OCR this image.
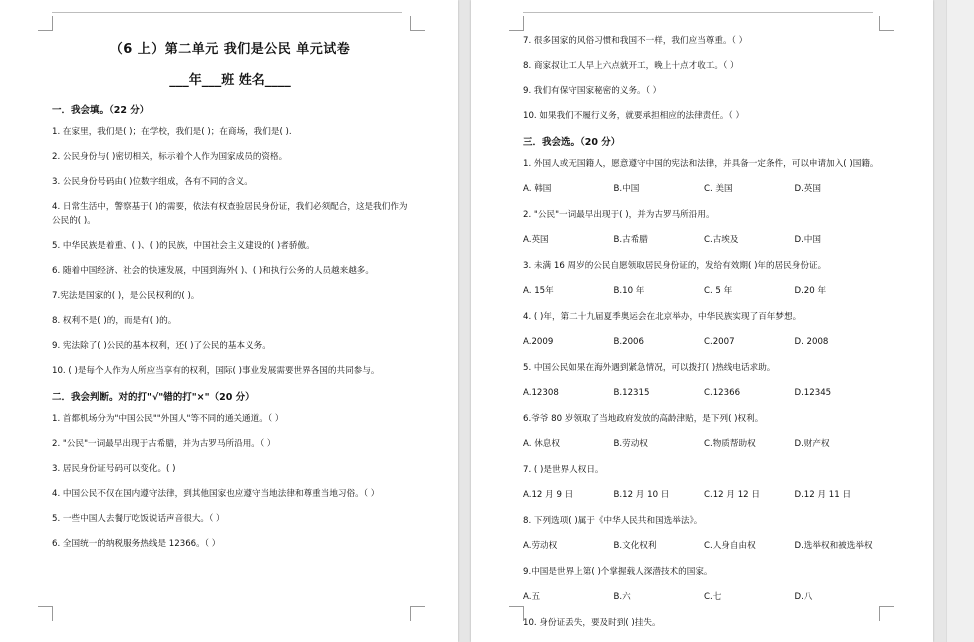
（6 上）第二单元 我们是公民 单元试卷
___年___班 姓名____
一．我会填。（22 分）
1. 在家里，我们是( )；在学校，我们是( )；在商场，我们是( ).
2. 公民身份与( )密切相关，标示着个人作为国家成员的资格。
3. 公民身份号码由( )位数字组成，各有不同的含义。
4. 日常生活中，警察基于( )的需要，依法有权查验居民身份证，我们必须配合，这是我们作为公民的( )。
5. 中华民族是着重、( )、( )的民族，中国社会主义建设的( )者骄傲。
6. 随着中国经济、社会的快速发展，中国到海外( )、( )和执行公务的人员越来越多。
7.宪法是国家的( )，是公民权利的( )。
8. 权利不是( )的，而是有( )的。
9. 宪法除了( )公民的基本权利，还( )了公民的基本义务。
10. ( )是每个人作为人所应当享有的权利，国际( )事业发展需要世界各国的共同参与。
二．我会判断。对的打"√"错的打"×"（20 分）
1. 首都机场分为"中国公民""外国人"等不同的通关通道。（ ）
2. "公民"一词最早出现于古希腊，并为古罗马所沿用。（ ）
3. 居民身份证号码可以变化。( )
4. 中国公民不仅在国内遵守法律，到其他国家也应遵守当地法律和尊重当地习俗。（ ）
5. 一些中国人去餐厅吃饭说话声音很大。（ ）
6. 全国统一的纳税服务热线是 12366。（ ）
7. 很多国家的风俗习惯和我国不一样，我们应当尊重。（ ）
8. 商家叔让工人早上六点就开工，晚上十点才收工。（ ）
9. 我们有保守国家秘密的义务。（ ）
10. 如果我们不履行义务，就要承担相应的法律责任。（ ）
三．我会选。（20 分）
1. 外国人或无国籍人，愿意遵守中国的宪法和法律，并具备一定条件，可以申请加入( )国籍。
A. 韩国	B.中国	C. 美国	D.英国
2. "公民"一词最早出现于( )，并为古罗马所沿用。
A.英国	B.古希腊	C.古埃及	D.中国
3. 未满 16 周岁的公民自愿领取居民身份证的，发给有效期( )年的居民身份证。
A. 15年	B.10 年	C. 5 年	D.20 年
4. ( )年，第二十九届夏季奥运会在北京举办，中华民族实现了百年梦想。
A.2009	B.2006	C.2007	D. 2008
5. 中国公民如果在海外遇到紧急情况，可以拨打( )热线电话求助。
A.12308	B.12315	C.12366	D.12345
6.爷爷 80 岁领取了当地政府发放的高龄津贴，是下列( )权利。
A. 休息权	B.劳动权	C.物质帮助权	D.财产权
7. ( )是世界人权日。
A.12 月 9 日	B.12 月 10 日	C.12 月 12 日	D.12 月 11 日
8. 下列选项( )属于《中华人民共和国选举法》。
A.劳动权	B.文化权利	C.人身自由权	D.选举权和被选举权
9.中国是世界上第( )个掌握载人深潜技术的国家。
A.五	B.六	C.七	D.八
10. 身份证丢失，要及时到( )挂失。
